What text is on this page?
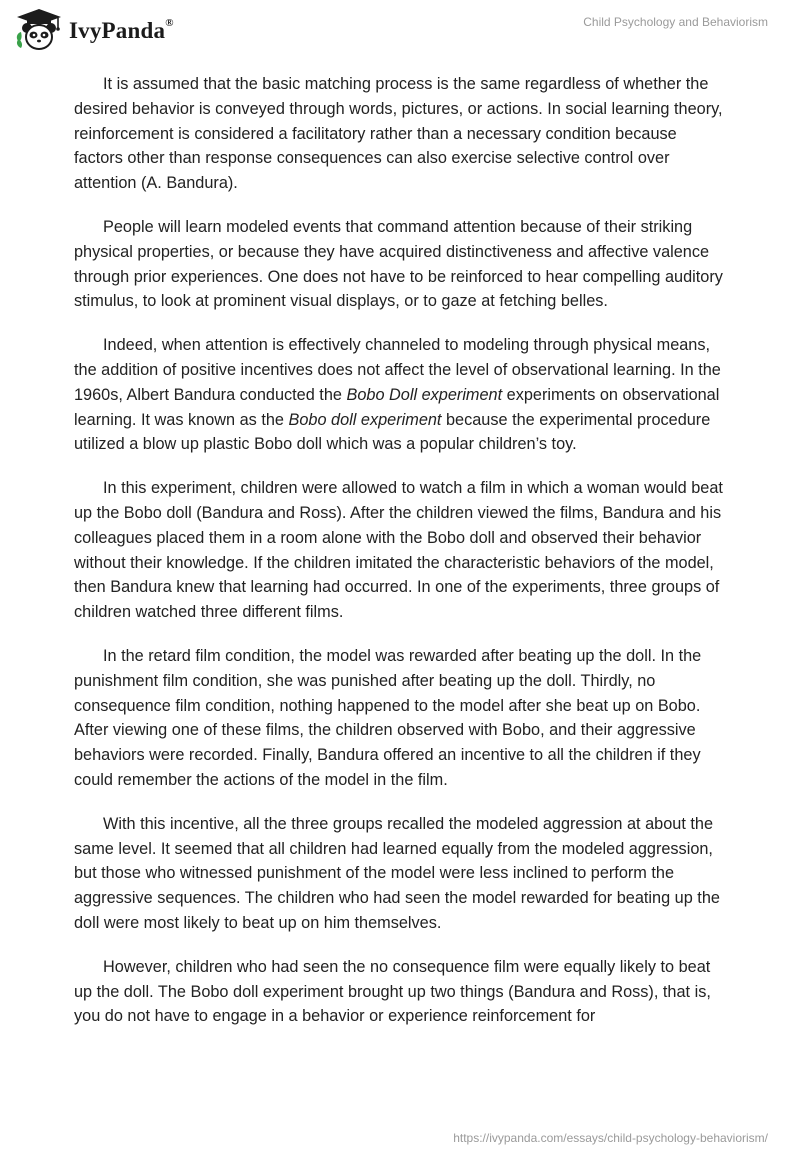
IvyPanda®	Child Psychology and Behaviorism

It is assumed that the basic matching process is the same regardless of whether the desired behavior is conveyed through words, pictures, or actions. In social learning theory, reinforcement is considered a facilitatory rather than a necessary condition because factors other than response consequences can also exercise selective control over attention (A. Bandura).

People will learn modeled events that command attention because of their striking physical properties, or because they have acquired distinctiveness and affective valence through prior experiences. One does not have to be reinforced to hear compelling auditory stimulus, to look at prominent visual displays, or to gaze at fetching belles.

Indeed, when attention is effectively channeled to modeling through physical means, the addition of positive incentives does not affect the level of observational learning. In the 1960s, Albert Bandura conducted the Bobo Doll experiment experiments on observational learning. It was known as the Bobo doll experiment because the experimental procedure utilized a blow up plastic Bobo doll which was a popular children’s toy.

In this experiment, children were allowed to watch a film in which a woman would beat up the Bobo doll (Bandura and Ross). After the children viewed the films, Bandura and his colleagues placed them in a room alone with the Bobo doll and observed their behavior without their knowledge. If the children imitated the characteristic behaviors of the model, then Bandura knew that learning had occurred. In one of the experiments, three groups of children watched three different films.

In the retard film condition, the model was rewarded after beating up the doll. In the punishment film condition, she was punished after beating up the doll. Thirdly, no consequence film condition, nothing happened to the model after she beat up on Bobo. After viewing one of these films, the children observed with Bobo, and their aggressive behaviors were recorded. Finally, Bandura offered an incentive to all the children if they could remember the actions of the model in the film.

With this incentive, all the three groups recalled the modeled aggression at about the same level. It seemed that all children had learned equally from the modeled aggression, but those who witnessed punishment of the model were less inclined to perform the aggressive sequences. The children who had seen the model rewarded for beating up the doll were most likely to beat up on him themselves.

However, children who had seen the no consequence film were equally likely to beat up the doll. The Bobo doll experiment brought up two things (Bandura and Ross), that is, you do not have to engage in a behavior or experience reinforcement for

https://ivypanda.com/essays/child-psychology-behaviorism/
